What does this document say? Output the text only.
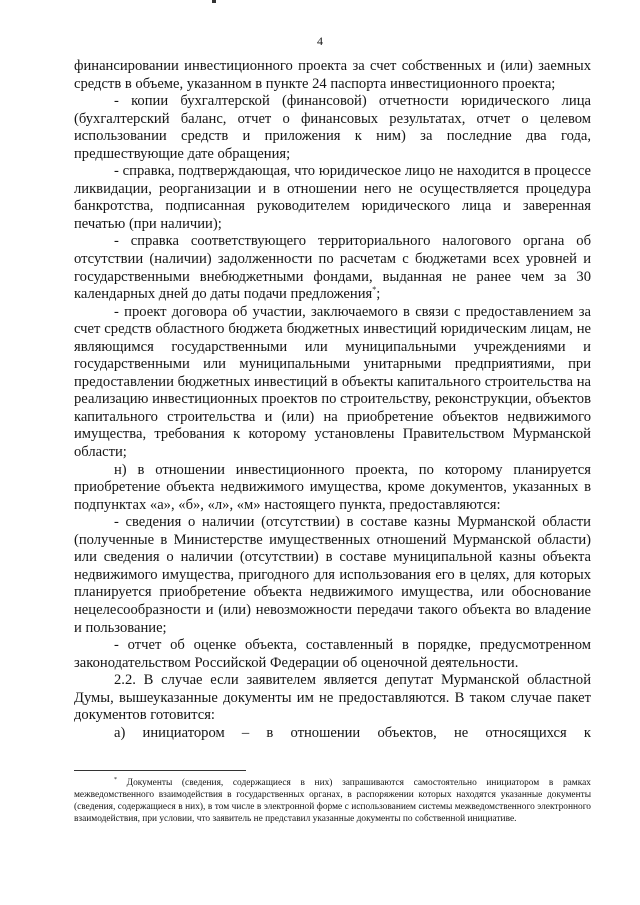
4

финансировании инвестиционного проекта за счет собственных и (или) заемных средств в объеме, указанном в пункте 24 паспорта инвестиционного проекта;

- копии бухгалтерской (финансовой) отчетности юридического лица (бухгалтерский баланс, отчет о финансовых результатах, отчет о целевом использовании средств и приложения к ним) за последние два года, предшествующие дате обращения;

- справка, подтверждающая, что юридическое лицо не находится в процессе ликвидации, реорганизации и в отношении него не осуществляется процедура банкротства, подписанная руководителем юридического лица и заверенная печатью (при наличии);

- справка соответствующего территориального налогового органа об отсутствии (наличии) задолженности по расчетам с бюджетами всех уровней и государственными внебюджетными фондами, выданная не ранее чем за 30 календарных дней до даты подачи предложения*;

- проект договора об участии, заключаемого в связи с предоставлением за счет средств областного бюджета бюджетных инвестиций юридическим лицам, не являющимся государственными или муниципальными учреждениями и государственными или муниципальными унитарными предприятиями, при предоставлении бюджетных инвестиций в объекты капитального строительства на реализацию инвестиционных проектов по строительству, реконструкции, объектов капитального строительства и (или) на приобретение объектов недвижимого имущества, требования к которому установлены Правительством Мурманской области;

н) в отношении инвестиционного проекта, по которому планируется приобретение объекта недвижимого имущества, кроме документов, указанных в подпунктах «а», «б», «л», «м» настоящего пункта, предоставляются:

- сведения о наличии (отсутствии) в составе казны Мурманской области (полученные в Министерстве имущественных отношений Мурманской области) или сведения о наличии (отсутствии) в составе муниципальной казны объекта недвижимого имущества, пригодного для использования его в целях, для которых планируется приобретение объекта недвижимого имущества, или обоснование нецелесообразности и (или) невозможности передачи такого объекта во владение и пользование;

- отчет об оценке объекта, составленный в порядке, предусмотренном законодательством Российской Федерации об оценочной деятельности.

2.2. В случае если заявителем является депутат Мурманской областной Думы, вышеуказанные документы им не предоставляются. В таком случае пакет документов готовится:

а) инициатором – в отношении объектов, не относящихся к

* Документы (сведения, содержащиеся в них) запрашиваются самостоятельно инициатором в рамках межведомственного взаимодействия в государственных органах, в распоряжении которых находятся указанные документы (сведения, содержащиеся в них), в том числе в электронной форме с использованием системы межведомственного электронного взаимодействия, при условии, что заявитель не представил указанные документы по собственной инициативе.
